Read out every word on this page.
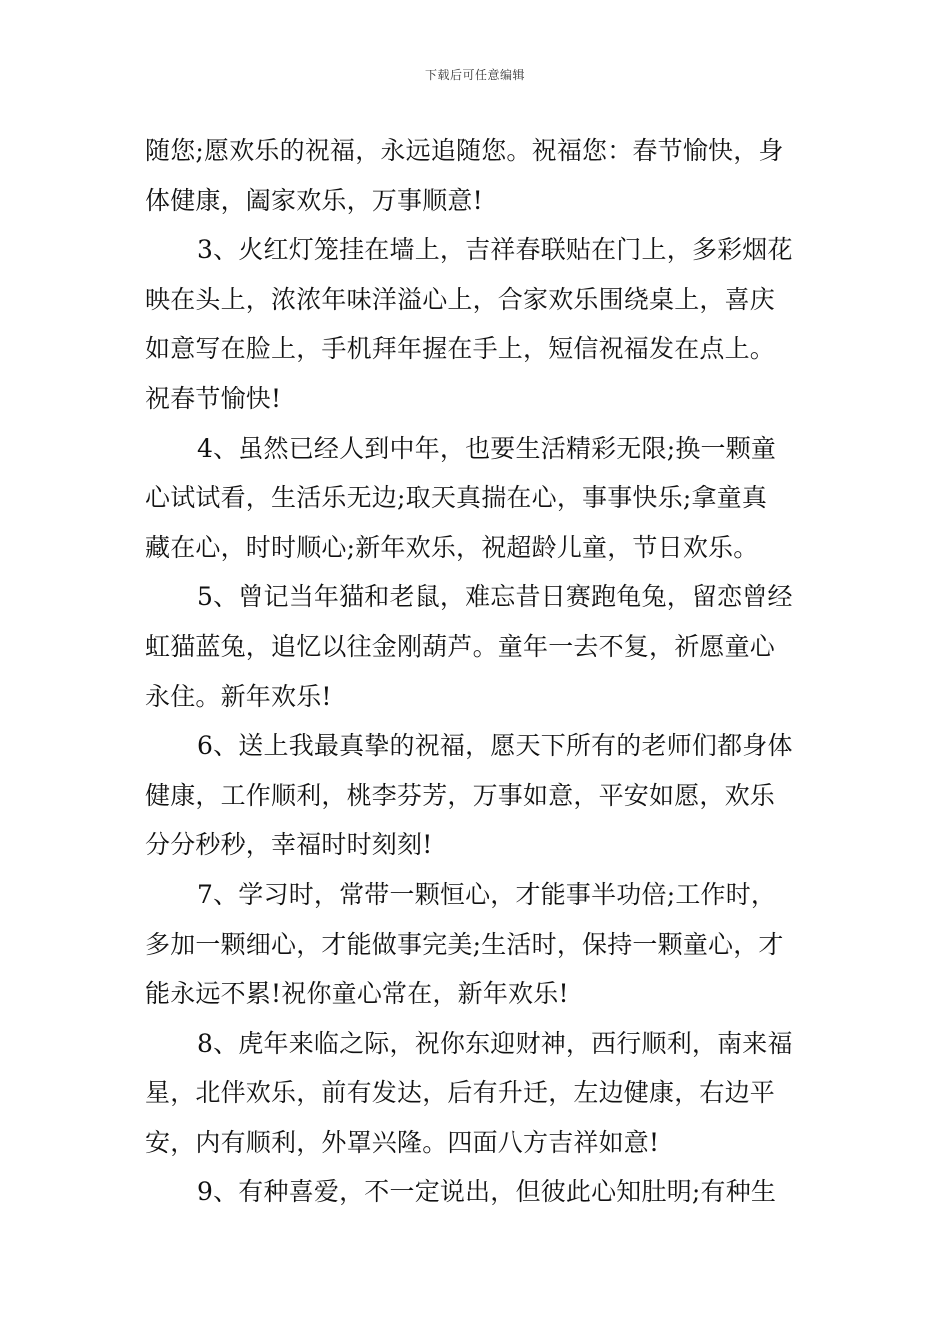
下载后可任意编辑
随您;愿欢乐的祝福，永远追随您。祝福您：春节愉快，身
体健康，阖家欢乐，万事顺意!
3、火红灯笼挂在墙上，吉祥春联贴在门上，多彩烟花
映在头上，浓浓年味洋溢心上，合家欢乐围绕桌上，喜庆
如意写在脸上，手机拜年握在手上，短信祝福发在点上。
祝春节愉快!
4、虽然已经人到中年，也要生活精彩无限;换一颗童
心试试看，生活乐无边;取天真揣在心，事事快乐;拿童真
藏在心，时时顺心;新年欢乐，祝超龄儿童，节日欢乐。
5、曾记当年猫和老鼠，难忘昔日赛跑龟兔，留恋曾经
虹猫蓝兔，追忆以往金刚葫芦。童年一去不复，祈愿童心
永住。新年欢乐!
6、送上我最真挚的祝福，愿天下所有的老师们都身体
健康，工作顺利，桃李芬芳，万事如意，平安如愿，欢乐
分分秒秒，幸福时时刻刻!
7、学习时，常带一颗恒心，才能事半功倍;工作时，
多加一颗细心，才能做事完美;生活时，保持一颗童心，才
能永远不累!祝你童心常在，新年欢乐!
8、虎年来临之际，祝你东迎财神，西行顺利，南来福
星，北伴欢乐，前有发达，后有升迁，左边健康，右边平
安，内有顺利，外罩兴隆。四面八方吉祥如意!
9、有种喜爱，不一定说出，但彼此心知肚明;有种生
